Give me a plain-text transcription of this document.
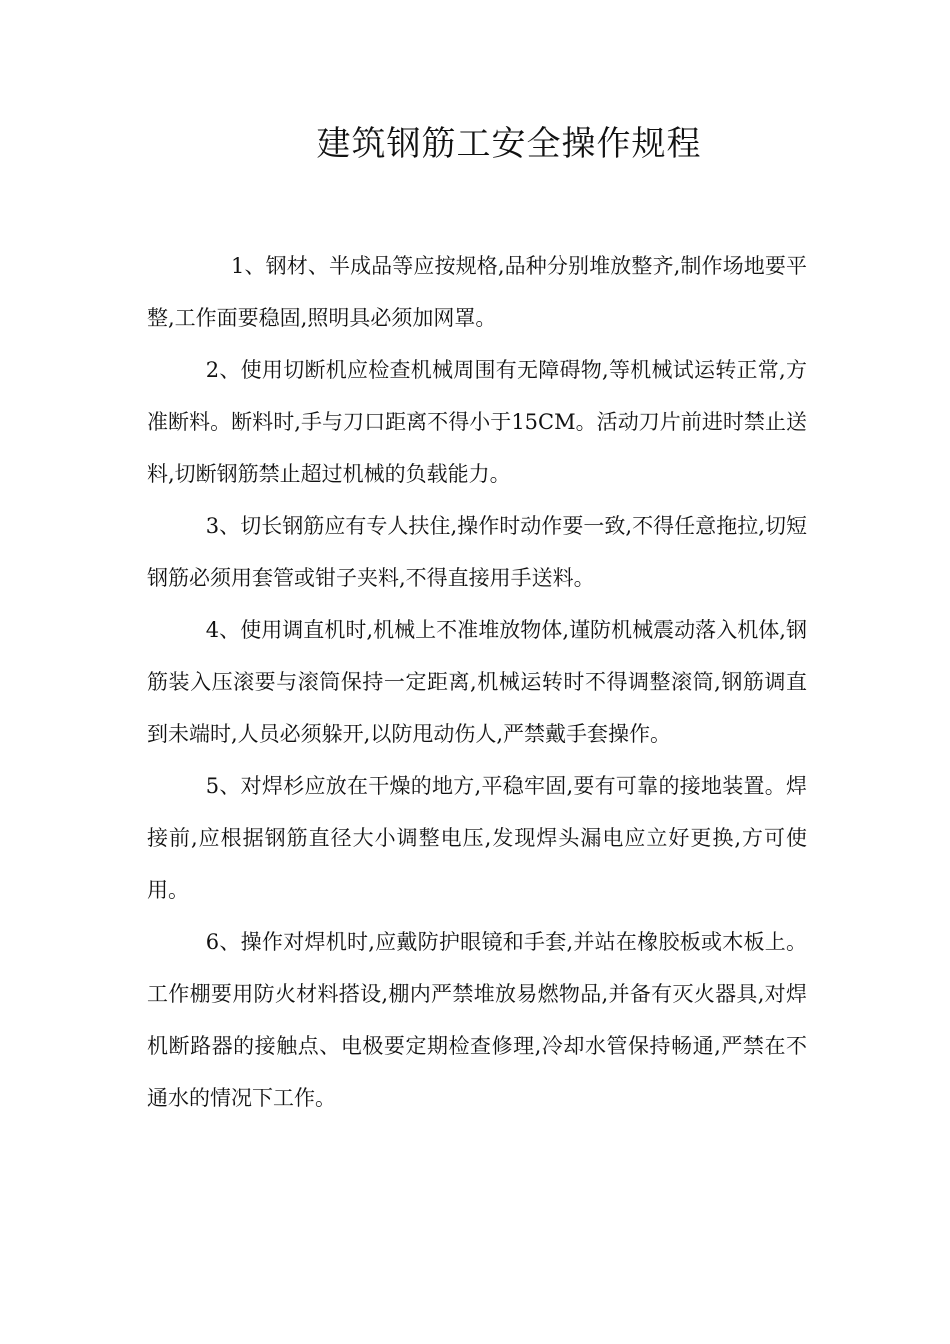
建筑钢筋工安全操作规程

1、钢材、半成品等应按规格,品种分别堆放整齐,制作场地要平整,工作面要稳固,照明具必须加网罩。

2、使用切断机应检查机械周围有无障碍物,等机械试运转正常,方准断料。断料时,手与刀口距离不得小于15CM。活动刀片前进时禁止送料,切断钢筋禁止超过机械的负载能力。

3、切长钢筋应有专人扶住,操作时动作要一致,不得任意拖拉,切短钢筋必须用套管或钳子夹料,不得直接用手送料。

4、使用调直机时,机械上不准堆放物体,谨防机械震动落入机体,钢筋装入压滚要与滚筒保持一定距离,机械运转时不得调整滚筒,钢筋调直到未端时,人员必须躲开,以防甩动伤人,严禁戴手套操作。

5、对焊杉应放在干燥的地方,平稳牢固,要有可靠的接地装置。焊接前,应根据钢筋直径大小调整电压,发现焊头漏电应立好更换,方可使用。

6、操作对焊机时,应戴防护眼镜和手套,并站在橡胶板或木板上。工作棚要用防火材料搭设,棚内严禁堆放易燃物品,并备有灭火器具,对焊机断路器的接触点、电极要定期检查修理,冷却水管保持畅通,严禁在不通水的情况下工作。
